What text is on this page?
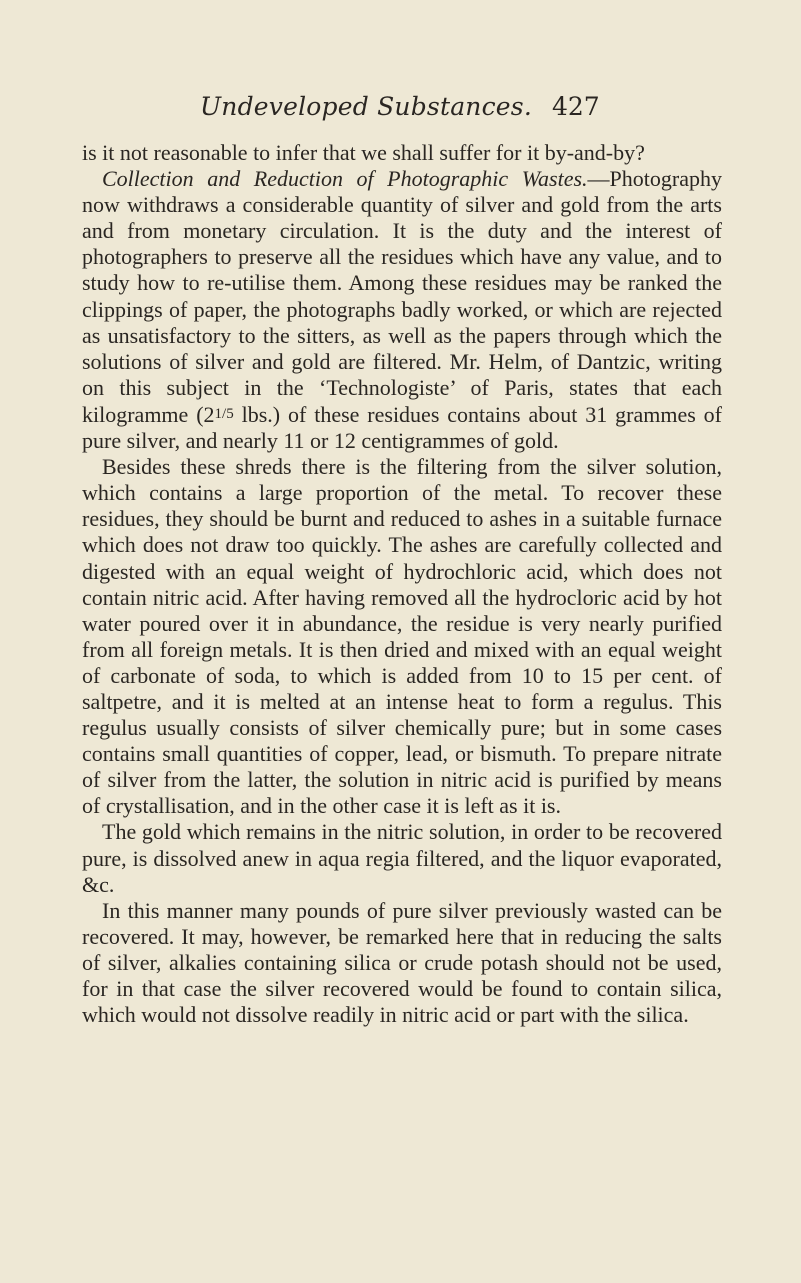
Undeveloped Substances. 427

is it not reasonable to infer that we shall suffer for it by-and-by?

Collection and Reduction of Photographic Wastes.—Photography now withdraws a considerable quantity of silver and gold from the arts and from monetary circulation. It is the duty and the interest of photographers to preserve all the residues which have any value, and to study how to re-utilise them. Among these residues may be ranked the clippings of paper, the photographs badly worked, or which are rejected as unsatisfactory to the sitters, as well as the papers through which the solutions of silver and gold are filtered. Mr. Helm, of Dantzic, writing on this subject in the ‘Technologiste’ of Paris, states that each kilogramme (21/5 lbs.) of these residues contains about 31 grammes of pure silver, and nearly 11 or 12 centigrammes of gold.

Besides these shreds there is the filtering from the silver solution, which contains a large proportion of the metal. To recover these residues, they should be burnt and reduced to ashes in a suitable furnace which does not draw too quickly. The ashes are carefully collected and digested with an equal weight of hydrochloric acid, which does not contain nitric acid. After having removed all the hydrocloric acid by hot water poured over it in abundance, the residue is very nearly purified from all foreign metals. It is then dried and mixed with an equal weight of carbonate of soda, to which is added from 10 to 15 per cent. of saltpetre, and it is melted at an intense heat to form a regulus. This regulus usually consists of silver chemically pure; but in some cases contains small quantities of copper, lead, or bismuth. To prepare nitrate of silver from the latter, the solution in nitric acid is purified by means of crystallisation, and in the other case it is left as it is.

The gold which remains in the nitric solution, in order to be recovered pure, is dissolved anew in aqua regia filtered, and the liquor evaporated, &c.

In this manner many pounds of pure silver previously wasted can be recovered. It may, however, be remarked here that in reducing the salts of silver, alkalies containing silica or crude potash should not be used, for in that case the silver recovered would be found to contain silica, which would not dissolve readily in nitric acid or part with the silica.
